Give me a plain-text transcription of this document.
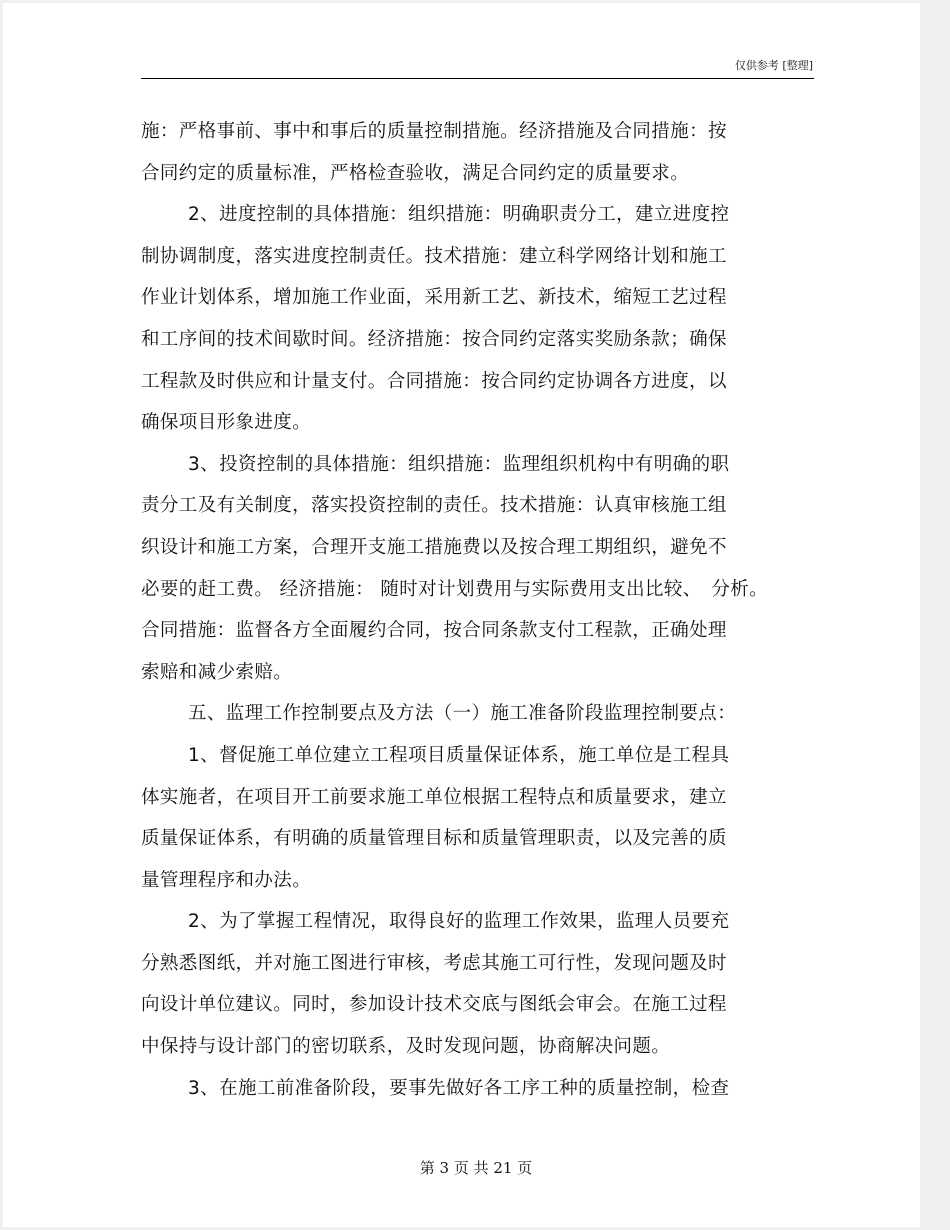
仅供参考 [整理]
施：严格事前、事中和事后的质量控制措施。经济措施及合同措施：按
合同约定的质量标准，严格检查验收，满足合同约定的质量要求。
2、进度控制的具体措施：组织措施：明确职责分工，建立进度控
制协调制度，落实进度控制责任。技术措施：建立科学网络计划和施工
作业计划体系，增加施工作业面，采用新工艺、新技术，缩短工艺过程
和工序间的技术间歇时间。经济措施：按合同约定落实奖励条款；确保
工程款及时供应和计量支付。合同措施：按合同约定协调各方进度，以
确保项目形象进度。
3、投资控制的具体措施：组织措施：监理组织机构中有明确的职
责分工及有关制度，落实投资控制的责任。技术措施：认真审核施工组
织设计和施工方案，合理开支施工措施费以及按合理工期组织，避免不
必要的赶工费。 经济措施： 随时对计划费用与实际费用支出比较、　分析。
合同措施：监督各方全面履约合同，按合同条款支付工程款，正确处理
索赔和减少索赔。
五、监理工作控制要点及方法（一）施工准备阶段监理控制要点：
1、督促施工单位建立工程项目质量保证体系，施工单位是工程具
体实施者，在项目开工前要求施工单位根据工程特点和质量要求，建立
质量保证体系，有明确的质量管理目标和质量管理职责，以及完善的质
量管理程序和办法。
2、为了掌握工程情况，取得良好的监理工作效果，监理人员要充
分熟悉图纸，并对施工图进行审核，考虑其施工可行性，发现问题及时
向设计单位建议。同时，参加设计技术交底与图纸会审会。在施工过程
中保持与设计部门的密切联系，及时发现问题，协商解决问题。
3、在施工前准备阶段，要事先做好各工序工种的质量控制，检查
第 3 页 共 21 页
